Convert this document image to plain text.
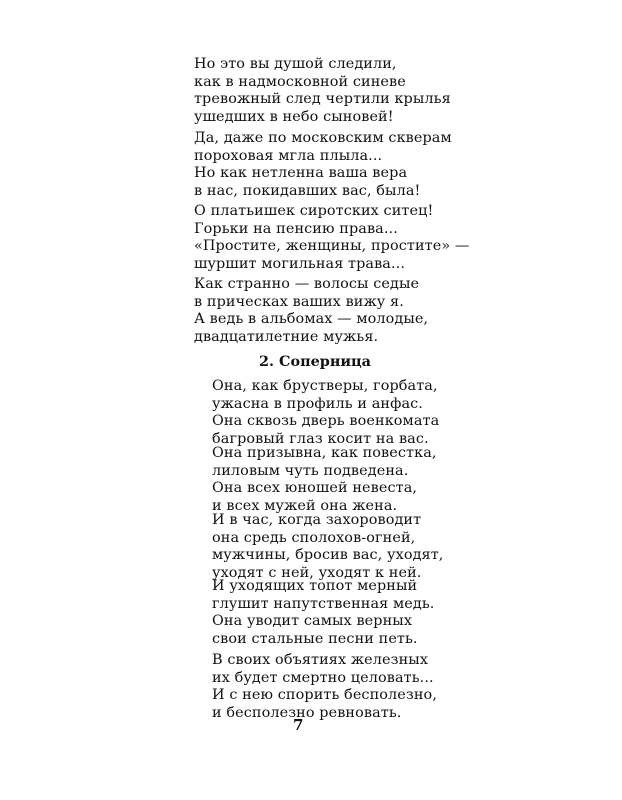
Но это вы душой следили,
как в надмосковной синеве
тревожный след чертили крылья
ушедших в небо сыновей!
Да, даже по московским скверам
пороховая мгла плыла...
Но как нетленна ваша вера
в нас, покидавших вас, была!
О платьишек сиротских ситец!
Горьки на пенсию права...
«Простите, женщины, простите» —
шуршит могильная трава...
Как странно — волосы седые
в прическах ваших вижу я.
А ведь в альбомах — молодые,
двадцатилетние мужья.
2. Соперница
Она, как брустверы, горбата,
ужасна в профиль и анфас.
Она сквозь дверь военкомата
багровый глаз косит на вас.
Она призывна, как повестка,
лиловым чуть подведена.
Она всех юношей невеста,
и всех мужей она жена.
И в час, когда захороводит
она средь сполохов-огней,
мужчины, бросив вас, уходят,
уходят с ней, уходят к ней.
И уходящих топот мерный
глушит напутственная медь.
Она уводит самых верных
свои стальные песни петь.
В своих объятиях железных
их будет смертно целовать...
И с нею спорить бесполезно,
и бесполезно ревновать.
7
